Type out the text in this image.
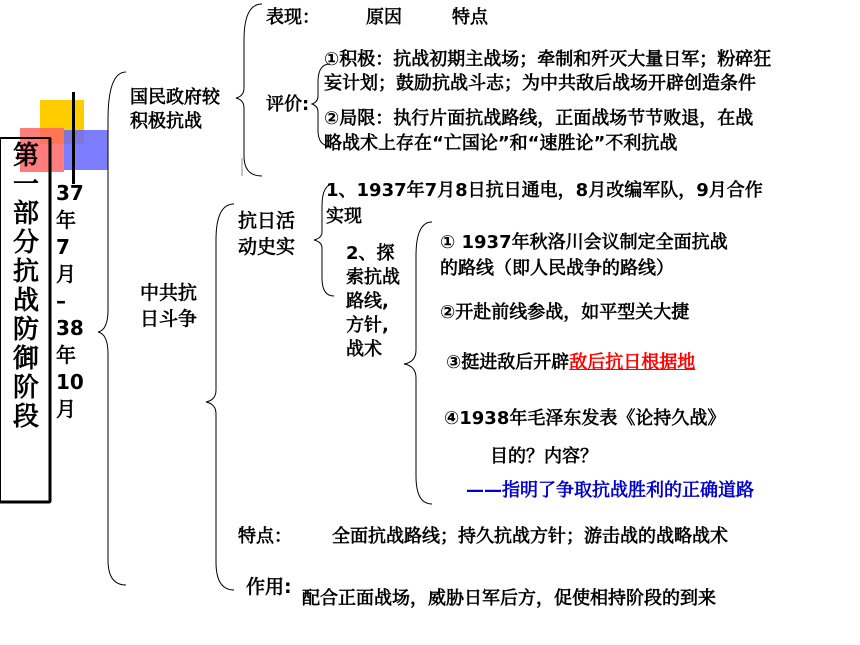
第
一
部
分
抗
战
防
御
阶
段
37
年
7
月
–
38
年
10
月
国民政府较
积极抗战
表现：	原因	特点
评价:
①积极：抗战初期主战场；牵制和歼灭大量日军；粉碎狂
妄计划；鼓励抗战斗志；为中共敌后战场开辟创造条件
②局限：执行片面抗战路线，正面战场节节败退，在战
略战术上存在“亡国论”和“速胜论”不利抗战
中共抗
日斗争
抗日活
动史实
1、1937年7月8日抗日通电，8月改编军队，9月合作
实现
2、探
索抗战
路线,
方针,
战术
① 1937年秋洛川会议制定全面抗战
的路线（即人民战争的路线）
②开赴前线参战，如平型关大捷
③挺进敌后开辟敌后抗日根据地
④1938年毛泽东发表《论持久战》
目的？内容？
——指明了争取抗战胜利的正确道路
特点： 全面抗战路线；持久抗战方针；游击战的战略战术
作用:
配合正面战场，威胁日军后方，促使相持阶段的到来
